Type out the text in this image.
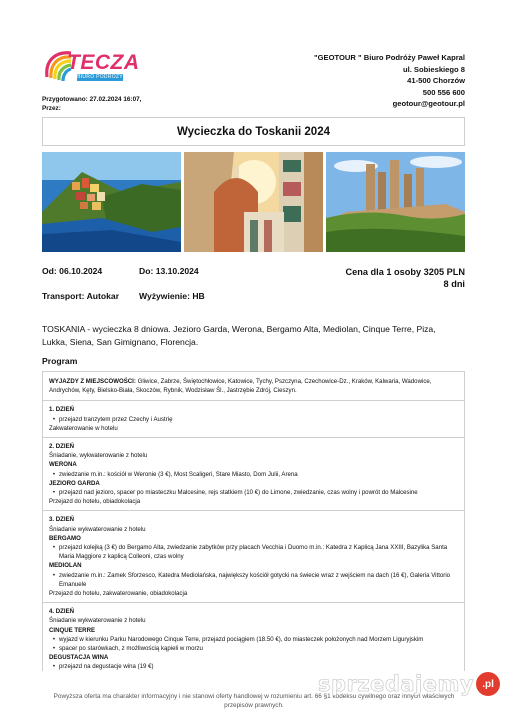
TECZA
BIURO PODRÓŻY
Przygotowano: 27.02.2024 16:07,
Przez:
"GEOTOUR " Biuro Podróży Paweł Kapral
ul. Sobieskiego 8
41-500 Chorzów
500 556 600
geotour@geotour.pl
Wycieczka do Toskanii 2024
Od: 06.10.2024	Do: 13.10.2024	Cena dla 1 osoby 3205 PLN
8 dni
Transport: Autokar Wyżywienie: HB
TOSKANIA - wycieczka 8 dniowa. Jezioro Garda, Werona, Bergamo Alta, Mediolan, Cinque Terre, Piza, Lukka, Siena, San Gimignano, Florencja.
Program
WYJAZDY Z MIEJSCOWOŚCI: Gliwice, Zabrze, Świętochłowice, Katowice, Tychy, Pszczyna, Czechowice-Dz., Kraków, Kalwaria, Wadowice, Andrychów, Kęty, Bielsko-Biała, Skoczów, Rybnik, Wodzisław Śl., Jastrzębie Zdrój, Cieszyn.
1. DZIEŃ
• przejazd tranzytem przez Czechy i Austrię
Zakwaterowanie w hotelu
2. DZIEŃ
Śniadanie, wykwaterowanie z hotelu
WERONA
• zwiedzanie m.in.: kościół w Weronie (3 €), Most Scaligeri, Stare Miasto, Dom Julii, Arena
JEZIORO GARDA
• przejazd nad jezioro, spacer po miasteczku Malcesine, rejs statkiem (10 €) do Limone, zwiedzanie, czas wolny i powrót do Malcesine
Przejazd do hotelu, obiadokolacja
3. DZIEŃ
Śniadanie wykwaterowanie z hotelu
BERGAMO
• przejazd kolejką (3 €) do Bergamo Alta, zwiedzanie zabytków przy placach Vecchia i Duomo m.in.: Katedra z Kaplicą Jana XXIII, Bazylika Santa Maria Maggiore z kaplicą Colleoni, czas wolny
MEDIOLAN
• zwiedzanie m.in.: Zamek Sforzesco, Katedra Mediolańska, największy kościół gotycki na świecie wraz z wejściem na dach (16 €), Galeria Vittorio Emanuele
Przejazd do hotelu, zakwaterowanie, obiadokolacja
4. DZIEŃ
Śniadanie wykwaterowanie z hotelu
CINQUE TERRE
• wyjazd w kierunku Parku Narodowego Cinque Terre, przejazd pociągiem (18.50 €), do miasteczek położonych nad Morzem Liguryjskim
• spacer po starówkach, z możliwością kąpieli w morzu
DEGUSTACJA WINA
• przejazd na degustacje wina (19 €)
Powyższa oferta ma charakter informacyjny i nie stanowi oferty handlowej w rozumieniu art. 66 §1 kodeksu cywilnego oraz innych właściwych przepisów prawnych.
sprzedajemy .pl
